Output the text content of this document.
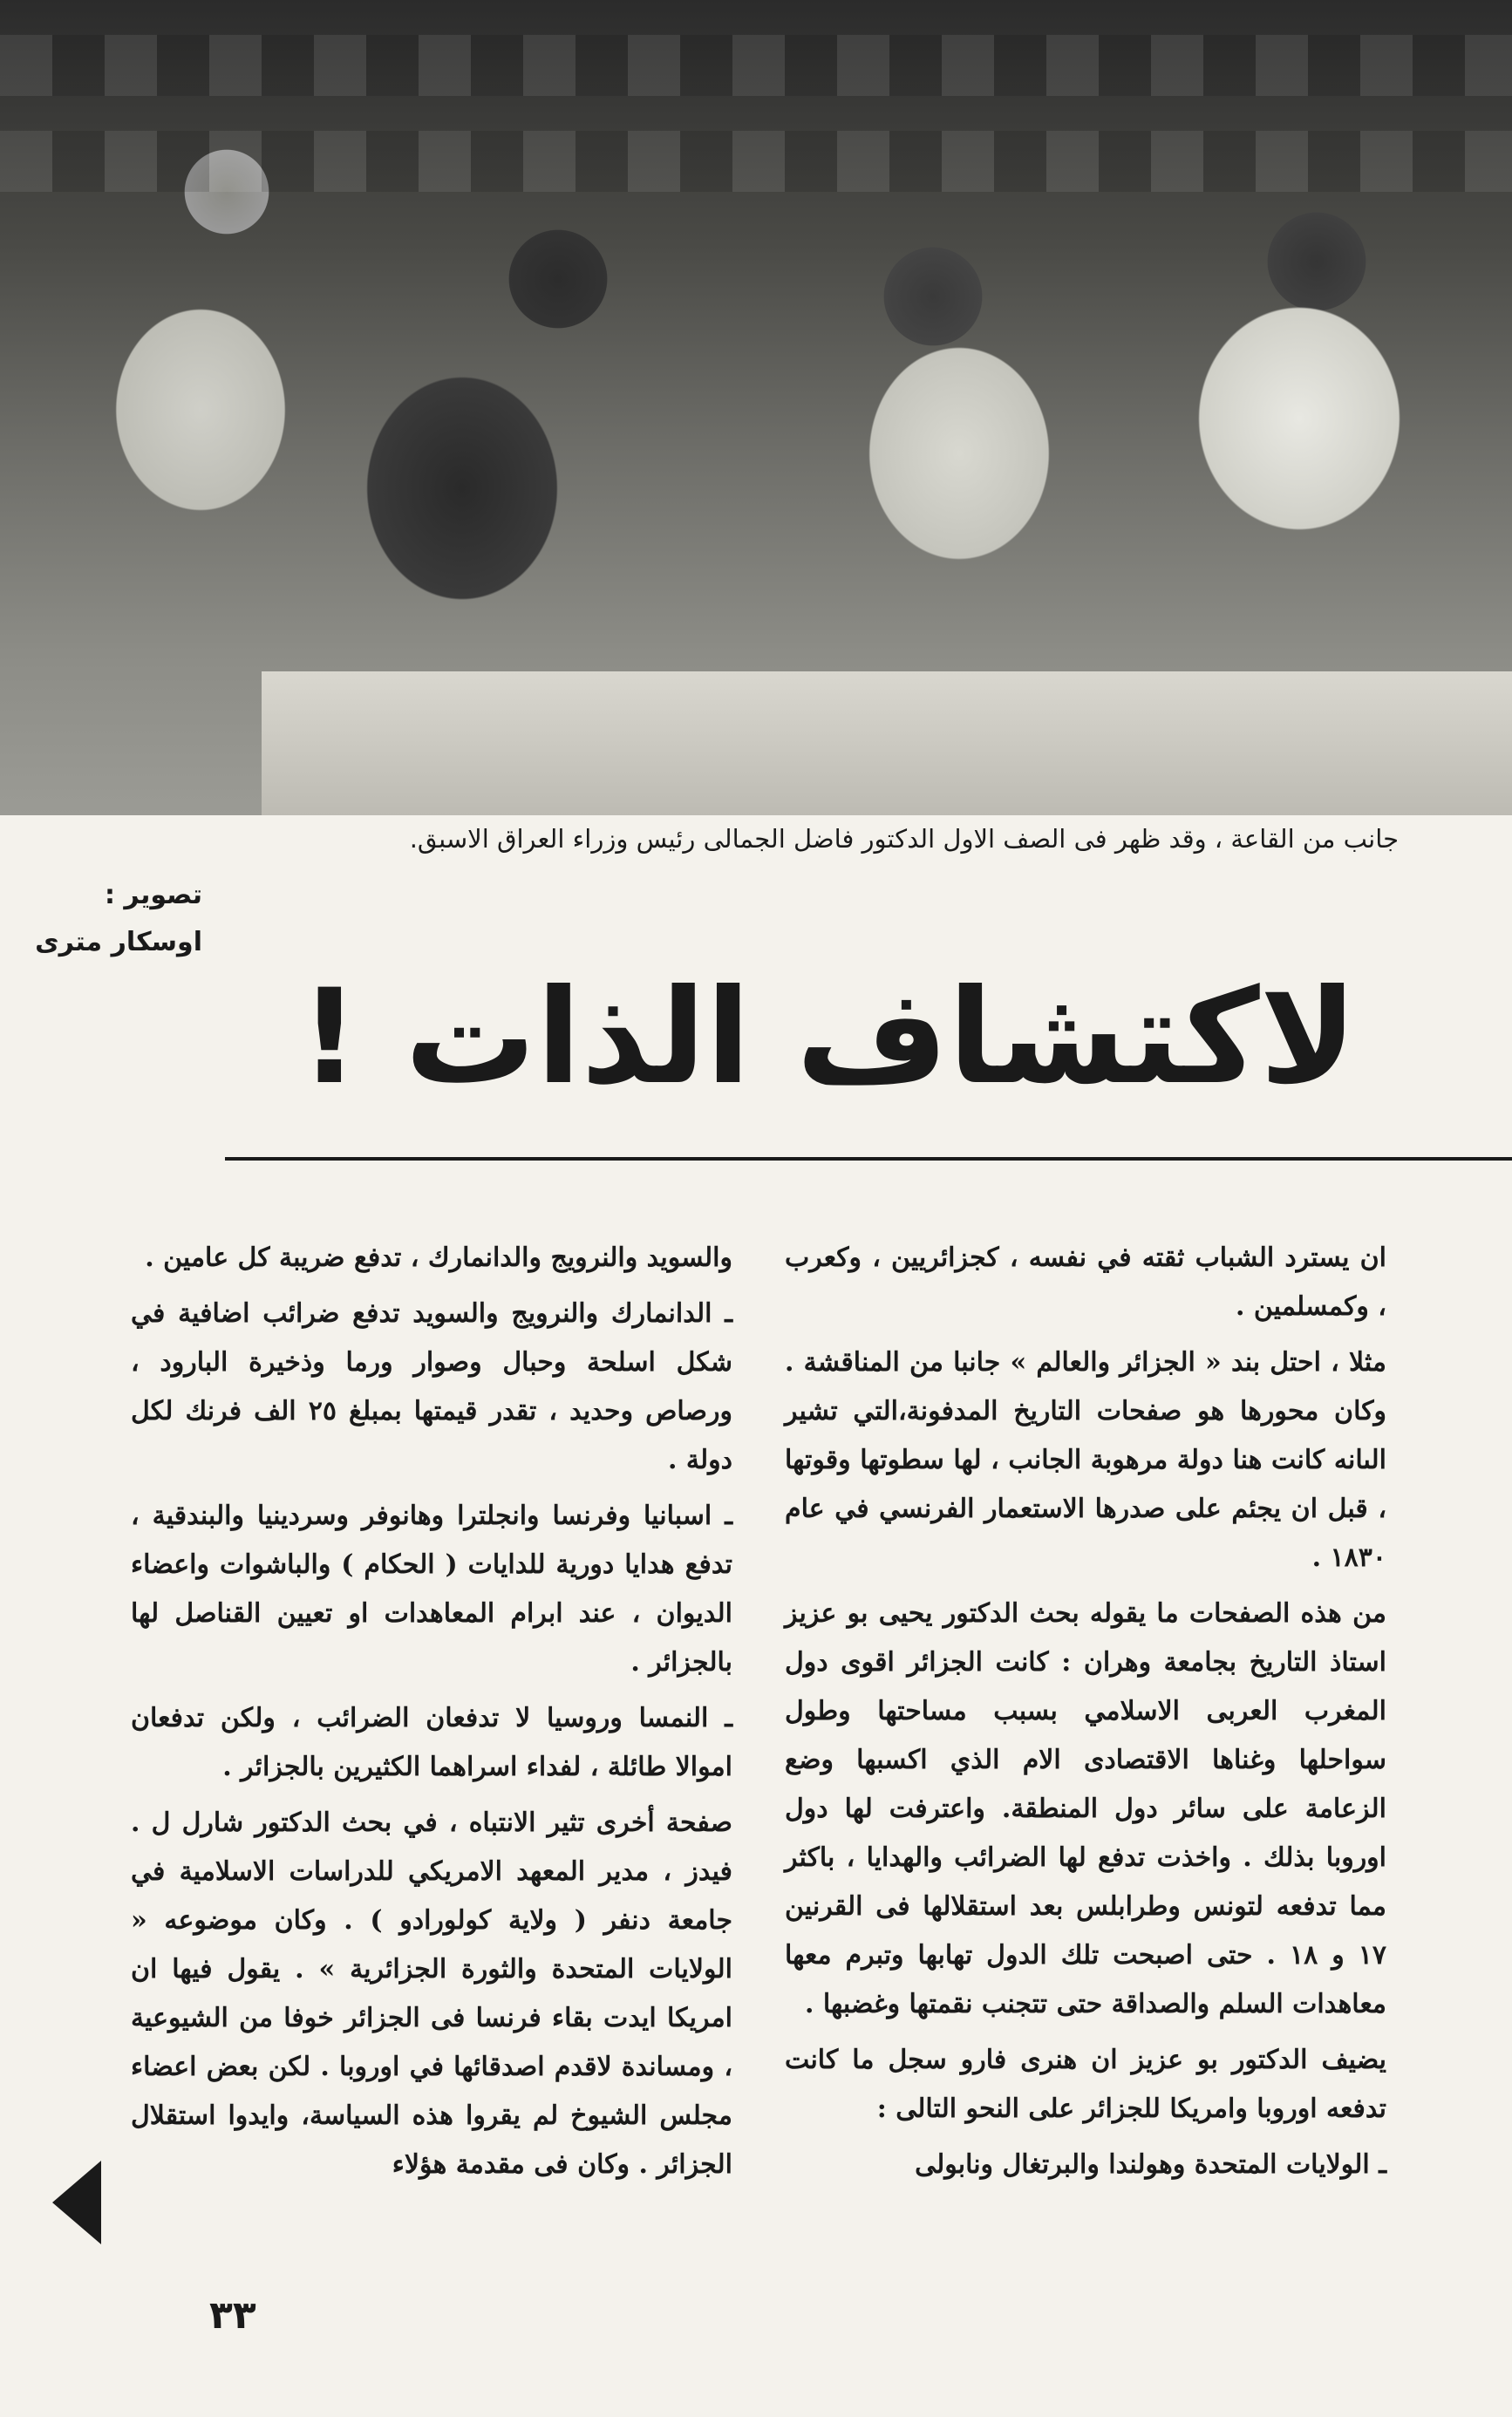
جانب من القاعة ، وقد ظهر فى الصف الاول الدكتور فاضل الجمالى رئيس وزراء العراق الاسبق.
تصوير :
اوسكار مترى
لاكتشاف الذات !

ان يسترد الشباب ثقته في نفسه ، كجزائريين ، وكعرب ، وكمسلمين .

مثلا ، احتل بند « الجزائر والعالم » جانبا من المناقشة . وكان محورها هو صفحات التاريخ المدفونة،التي تشير الىانه كانت هنا دولة مرهوبة الجانب ، لها سطوتها وقوتها ، قبل ان يجئم على صدرها الاستعمار الفرنسي في عام ١٨٣٠ .

من هذه الصفحات ما يقوله بحث الدكتور يحيى بو عزيز استاذ التاريخ بجامعة وهران : كانت الجزائر اقوى دول المغرب العربى الاسلامي بسبب مساحتها وطول سواحلها وغناها الاقتصادى الام الذي اكسبها وضع الزعامة على سائر دول المنطقة. واعترفت لها دول اوروبا بذلك . واخذت تدفع لها الضرائب والهدايا ، باكثر مما تدفعه لتونس وطرابلس بعد استقلالها فى القرنين ١٧ و ١٨ . حتى اصبحت تلك الدول تهابها وتبرم معها معاهدات السلم والصداقة حتى تتجنب نقمتها وغضبها .

يضيف الدكتور بو عزيز ان هنرى فارو سجل ما كانت تدفعه اوروبا وامريكا للجزائر على النحو التالى :

ـ الولايات المتحدة وهولندا والبرتغال ونابولى

والسويد والنرويج والدانمارك ، تدفع ضريبة كل عامين .

ـ الدانمارك والنرويج والسويد تدفع ضرائب اضافية في شكل اسلحة وحبال وصوار ورما وذخيرة البارود ، ورصاص وحديد ، تقدر قيمتها بمبلغ ٢٥ الف فرنك لكل دولة .

ـ اسبانيا وفرنسا وانجلترا وهانوفر وسردينيا والبندقية ، تدفع هدايا دورية للدايات ( الحكام ) والباشوات واعضاء الديوان ، عند ابرام المعاهدات او تعيين القناصل لها بالجزائر .

ـ النمسا وروسيا لا تدفعان الضرائب ، ولكن تدفعان اموالا طائلة ، لفداء اسراهما الكثيرين بالجزائر .

صفحة أخرى تثير الانتباه ، في بحث الدكتور شارل ل . فيدز ، مدير المعهد الامريكي للدراسات الاسلامية في جامعة دنفر ( ولاية كولورادو ) . وكان موضوعه « الولايات المتحدة والثورة الجزائرية » . يقول فيها ان امريكا ايدت بقاء فرنسا فى الجزائر خوفا من الشيوعية ، ومساندة لاقدم اصدقائها في اوروبا . لكن بعض اعضاء مجلس الشيوخ لم يقروا هذه السياسة، وايدوا استقلال الجزائر . وكان فى مقدمة هؤلاء

٣٣
